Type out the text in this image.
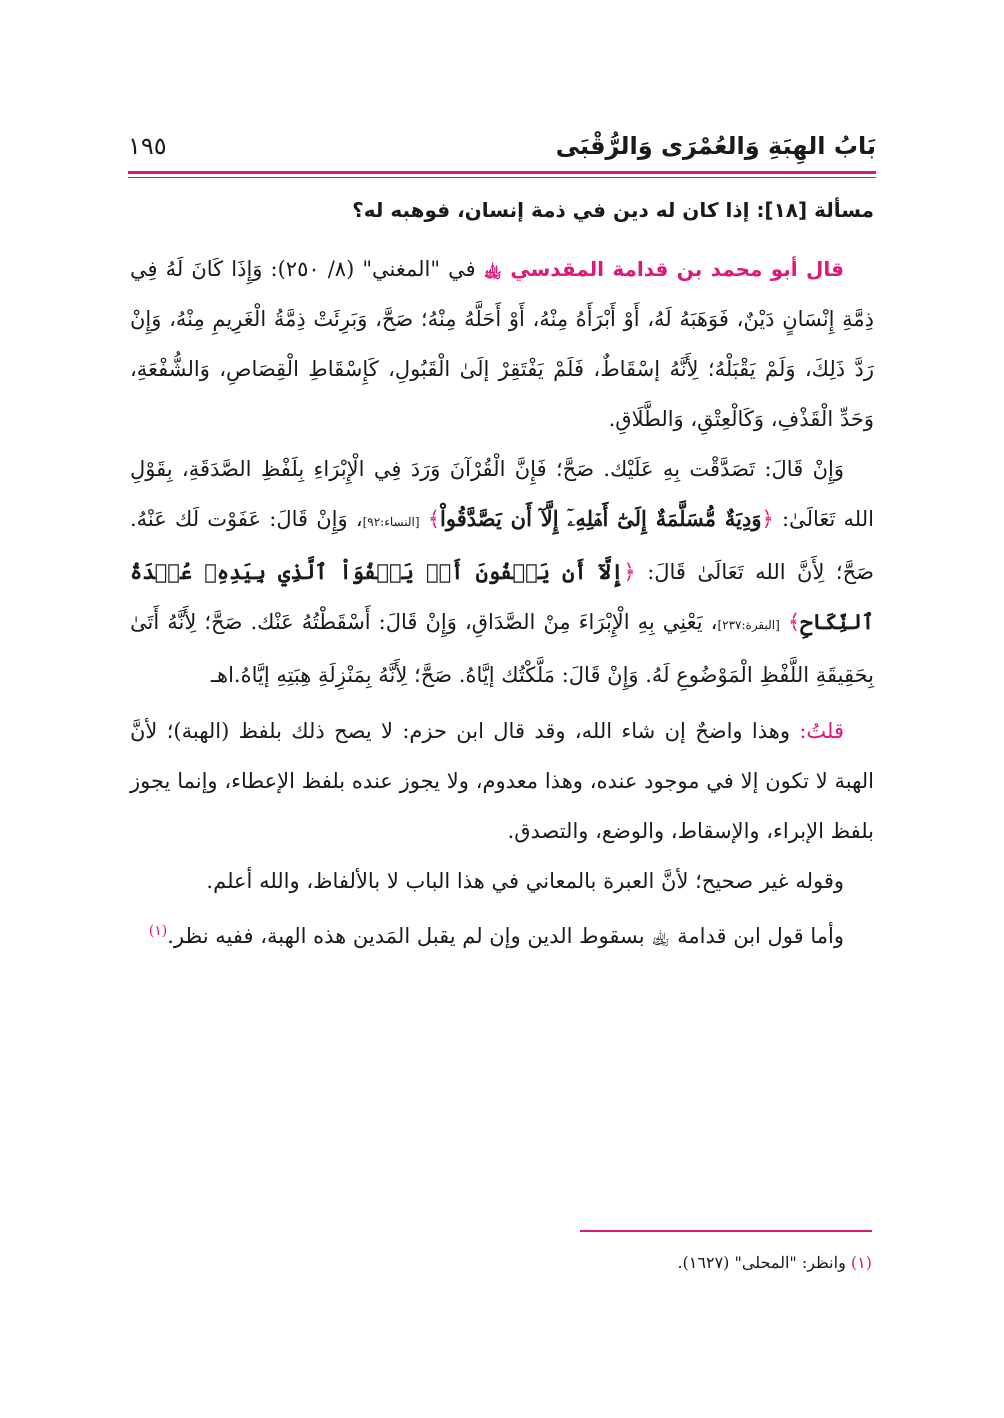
بَابُ الهِبَةِ وَالعُمْرَى وَالرُّقْبَى
١٩٥

مسألة [١٨]: إذا كان له دين في ذمة إنسان، فوهبه له؟

قال أبو محمد بن قدامة المقدسي ﵀ في "المغني" (٨/ ٢٥٠): وَإِذَا كَانَ لَهُ فِي ذِمَّةِ إِنْسَانٍ دَيْنٌ، فَوَهَبَهُ لَهُ، أَوْ أَبْرَأَهُ مِنْهُ، أَوْ أَحَلَّهُ مِنْهُ؛ صَحَّ، وَبَرِئَتْ ذِمَّةُ الْغَرِيمِ مِنْهُ، وَإِنْ رَدَّ ذَلِكَ، وَلَمْ يَقْبَلْهُ؛ لِأَنَّهُ إسْقَاطٌ، فَلَمْ يَفْتَقِرْ إلَىٰ الْقَبُولِ، كَإِسْقَاطِ الْقِصَاصِ، وَالشُّفْعَةِ، وَحَدِّ الْقَذْفِ، وَكَالْعِتْقِ، وَالطَّلَاقِ.

وَإِنْ قَالَ: تَصَدَّقْت بِهِ عَلَيْك. صَحَّ؛ فَإِنَّ الْقُرْآنَ وَرَدَ فِي الْإِبْرَاءِ بِلَفْظِ الصَّدَقَةِ، بِقَوْلِ الله تَعَالَىٰ: ﴿وَدِيَةٌ مُّسَلَّمَةٌ إِلَىٰٓ أَهۡلِهِۦٓ إِلَّآ أَن يَصَّدَّقُواْ﴾ [النساء:٩٢]، وَإِنْ قَالَ: عَفَوْت لَك عَنْهُ. صَحَّ؛ لِأَنَّ الله تَعَالَىٰ قَالَ: ﴿إِلَّآ أَن يَعۡفُونَ أَوۡ يَعۡفُوَاْ ٱلَّذِي بِيَدِهِۦ عُقۡدَةُ ٱلنِّكَاحِ﴾ [البقرة:٢٣٧]، يَعْنِي بِهِ الْإِبْرَاءَ مِنْ الصَّدَاقِ، وَإِنْ قَالَ: أَسْقَطْتُهُ عَنْك. صَحَّ؛ لِأَنَّهُ أَتَىٰ بِحَقِيقَةِ اللَّفْظِ الْمَوْضُوعِ لَهُ. وَإِنْ قَالَ: مَلَّكْتُك إيَّاهُ. صَحَّ؛ لِأَنَّهُ بِمَنْزِلَةِ هِبَتِهِ إيَّاهُ.اهـ

قلتُ: وهذا واضحٌ إن شاء الله، وقد قال ابن حزم: لا يصح ذلك بلفظ (الهبة)؛ لأنَّ الهبة لا تكون إلا في موجود عنده، وهذا معدوم، ولا يجوز عنده بلفظ الإعطاء، وإنما يجوز بلفظ الإبراء، والإسقاط، والوضع، والتصدق.

وقوله غير صحيح؛ لأنَّ العبرة بالمعاني في هذا الباب لا بالألفاظ، والله أعلم.

وأما قول ابن قدامة ﵀ بسقوط الدين وإن لم يقبل المَدين هذه الهبة، ففيه نظر.$^{(١)}$

(١) وانظر: "المحلى" (١٦٢٧).
